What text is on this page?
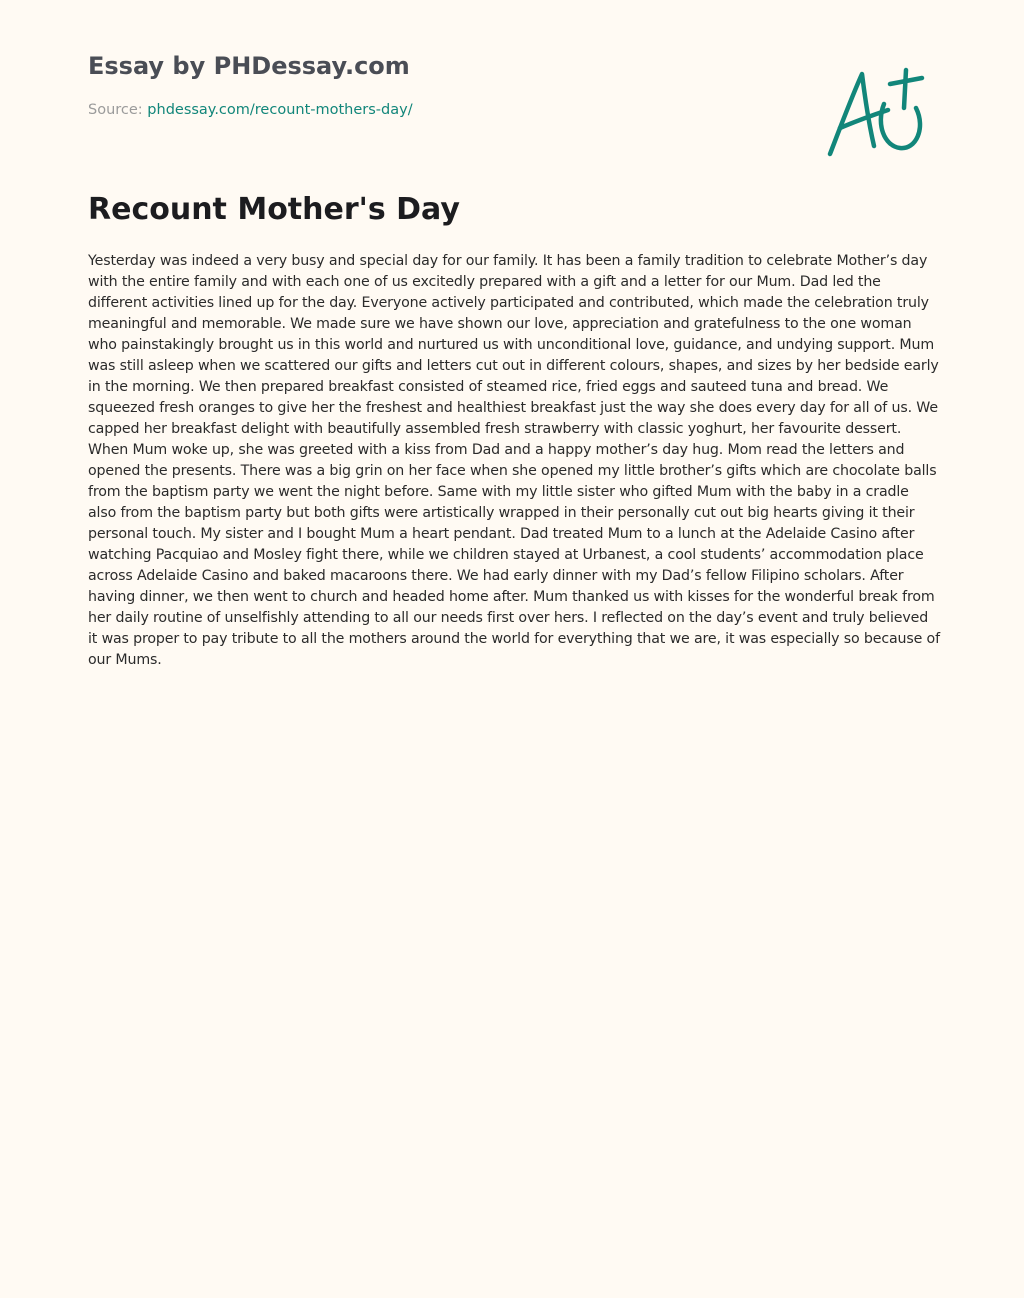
Essay by PHDessay.com
Source: phdessay.com/recount-mothers-day/
Recount Mother's Day

Yesterday was indeed a very busy and special day for our family. It has been a family tradition to celebrate Mother’s day with the entire family and with each one of us excitedly prepared with a gift and a letter for our Mum. Dad led the different activities lined up for the day. Everyone actively participated and contributed, which made the celebration truly meaningful and memorable. We made sure we have shown our love, appreciation and gratefulness to the one woman who painstakingly brought us in this world and nurtured us with unconditional love, guidance, and undying support. Mum was still asleep when we scattered our gifts and letters cut out in different colours, shapes, and sizes by her bedside early in the morning. We then prepared breakfast consisted of steamed rice, fried eggs and sauteed tuna and bread. We squeezed fresh oranges to give her the freshest and healthiest breakfast just the way she does every day for all of us. We capped her breakfast delight with beautifully assembled fresh strawberry with classic yoghurt, her favourite dessert. When Mum woke up, she was greeted with a kiss from Dad and a happy mother’s day hug. Mom read the letters and opened the presents. There was a big grin on her face when she opened my little brother’s gifts which are chocolate balls from the baptism party we went the night before. Same with my little sister who gifted Mum with the baby in a cradle also from the baptism party but both gifts were artistically wrapped in their personally cut out big hearts giving it their personal touch. My sister and I bought Mum a heart pendant. Dad treated Mum to a lunch at the Adelaide Casino after watching Pacquiao and Mosley fight there, while we children stayed at Urbanest, a cool students’ accommodation place across Adelaide Casino and baked macaroons there. We had early dinner with my Dad’s fellow Filipino scholars. After having dinner, we then went to church and headed home after. Mum thanked us with kisses for the wonderful break from her daily routine of unselfishly attending to all our needs first over hers. I reflected on the day’s event and truly believed it was proper to pay tribute to all the mothers around the world for everything that we are, it was especially so because of our Mums.
